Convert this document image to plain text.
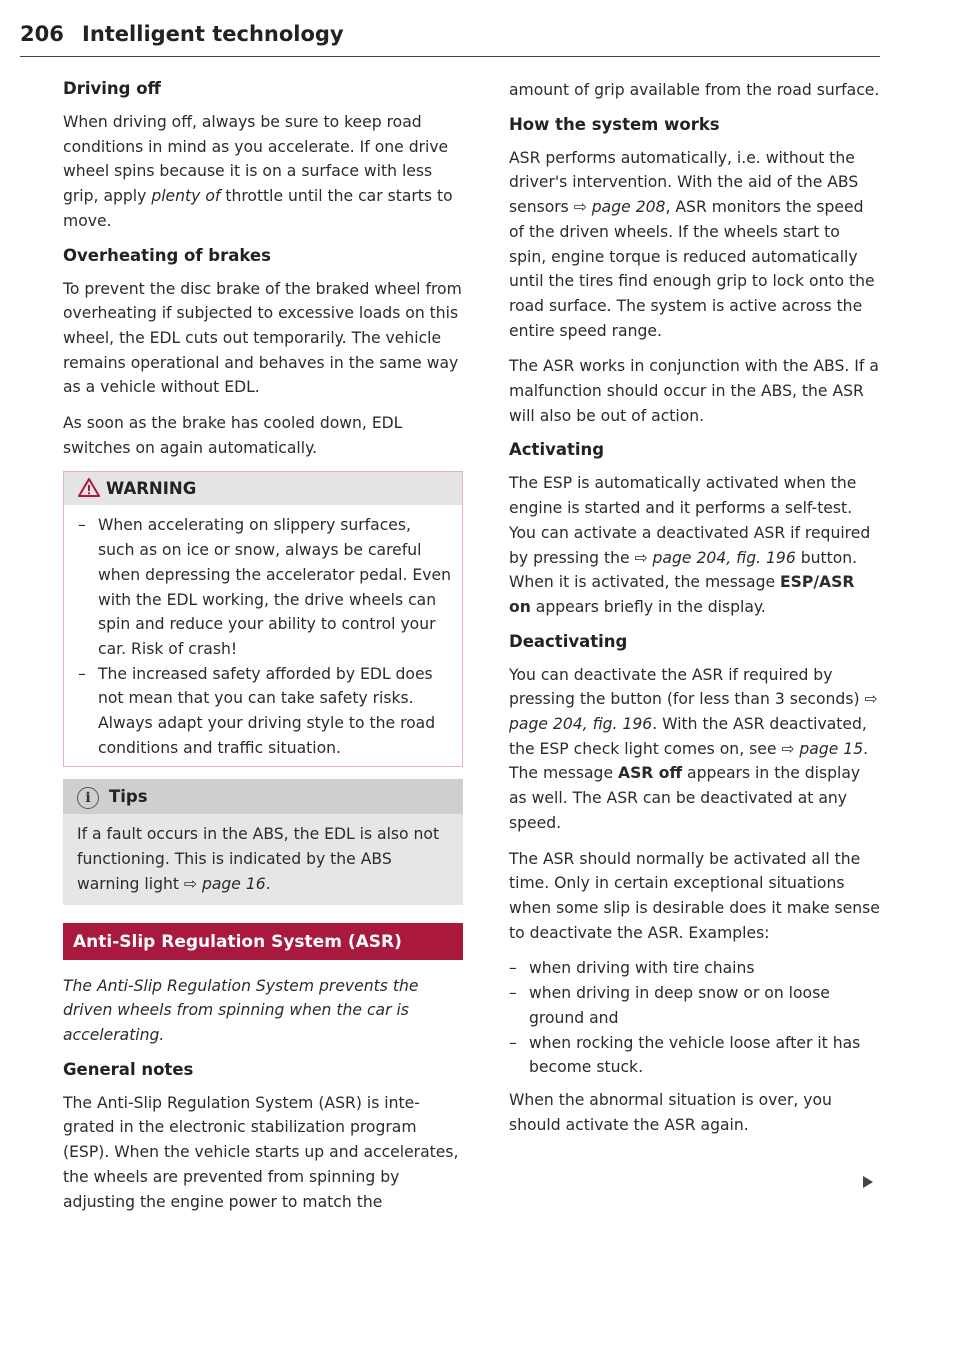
206 Intelligent technology
Driving off

When driving off, always be sure to keep road conditions in mind as you accelerate. If one drive wheel spins because it is on a surface with less grip, apply plenty of throttle until the car starts to move.

Overheating of brakes

To prevent the disc brake of the braked wheel from overheating if subjected to excessive loads on this wheel, the EDL cuts out temporarily. The vehicle remains operational and behaves in the same way as a vehicle without EDL.

As soon as the brake has cooled down, EDL switches on again automatically.

WARNING
– When accelerating on slippery surfaces, such as on ice or snow, always be careful when depressing the accelerator pedal. Even with the EDL working, the drive wheels can spin and reduce your ability to control your car. Risk of crash!
– The increased safety afforded by EDL does not mean that you can take safety risks. Always adapt your driving style to the road conditions and traffic situation.
i Tips
If a fault occurs in the ABS, the EDL is also not functioning. This is indicated by the ABS warning light ⇨ page 16.
Anti-Slip Regulation System (ASR)

The Anti-Slip Regulation System prevents the driven wheels from spinning when the car is accelerating.

General notes

The Anti-Slip Regulation System (ASR) is integrated in the electronic stabilization program (ESP). When the vehicle starts up and accelerates, the wheels are prevented from spinning by adjusting the engine power to match the

amount of grip available from the road surface.

How the system works

ASR performs automatically, i.e. without the driver's intervention. With the aid of the ABS sensors ⇨ page 208, ASR monitors the speed of the driven wheels. If the wheels start to spin, engine torque is reduced automatically until the tires find enough grip to lock onto the road surface. The system is active across the entire speed range.

The ASR works in conjunction with the ABS. If a malfunction should occur in the ABS, the ASR will also be out of action.

Activating

The ESP is automatically activated when the engine is started and it performs a self-test. You can activate a deactivated ASR if required by pressing the ⇨ page 204, fig. 196 button. When it is activated, the message ESP/ASR on appears briefly in the display.

Deactivating

You can deactivate the ASR if required by pressing the button (for less than 3 seconds) ⇨ page 204, fig. 196. With the ASR deactivated, the ESP check light comes on, see ⇨ page 15. The message ASR off appears in the display as well. The ASR can be deactivated at any speed.

The ASR should normally be activated all the time. Only in certain exceptional situations when some slip is desirable does it make sense to deactivate the ASR. Examples:

– when driving with tire chains
– when driving in deep snow or on loose ground and
– when rocking the vehicle loose after it has become stuck.

When the abnormal situation is over, you should activate the ASR again.
